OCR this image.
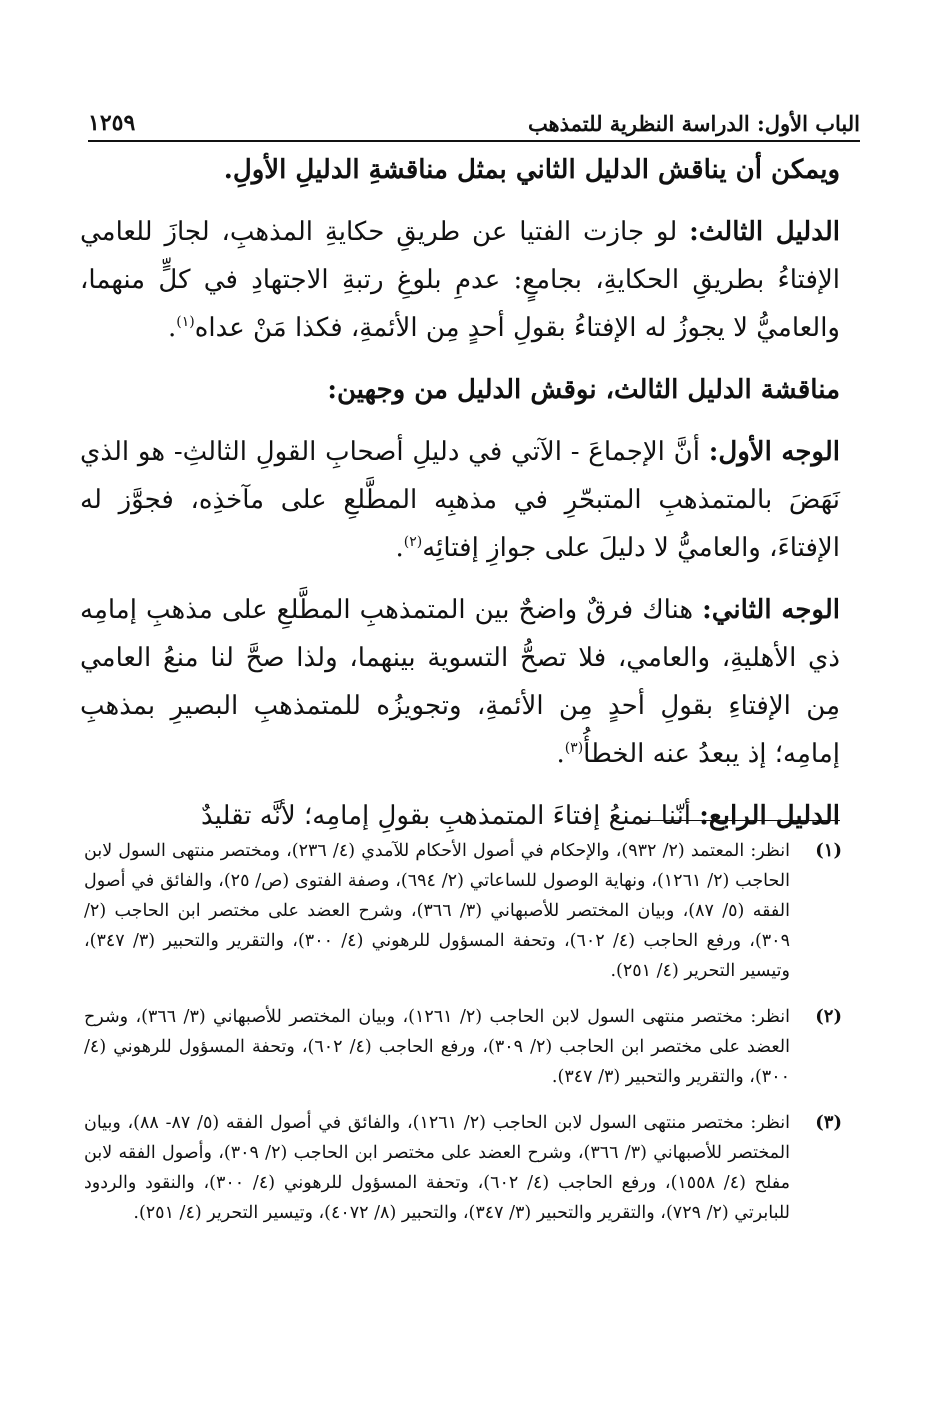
الباب الأول: الدراسة النظرية للتمذهب
١٢٥٩

ويمكن أن يناقش الدليل الثاني بمثل مناقشةِ الدليلِ الأولِ.

الدليل الثالث: لو جازت الفتيا عن طريقِ حكايةِ المذهبِ، لجازَ للعامي الإفتاءُ بطريقِ الحكايةِ، بجامعٍ: عدمِ بلوغِ رتبةِ الاجتهادِ في كلٍّ منهما، والعاميُّ لا يجوزُ له الإفتاءُ بقولِ أحدٍ مِن الأئمةِ، فكذا مَنْ عداه$^{(١)}$.

مناقشة الدليل الثالث، نوقش الدليل من وجهين:

الوجه الأول: أنَّ الإجماعَ - الآتي في دليلِ أصحابِ القولِ الثالثِ- هو الذي نَهَضَ بالمتمذهبِ المتبحّرِ في مذهبِه المطَّلعِ على مآخذِه، فجوَّز له الإفتاءَ، والعاميُّ لا دليلَ على جوازِ إفتائِه$^{(٢)}$.

الوجه الثاني: هناك فرقٌ واضحٌ بين المتمذهبِ المطَّلعِ على مذهبِ إمامِه ذي الأهليةِ، والعامي، فلا تصحُّ التسوية بينهما، ولذا صحَّ لنا منعُ العامي مِن الإفتاءِ بقولِ أحدٍ مِن الأئمةِ، وتجويزُه للمتمذهبِ البصيرِ بمذهبِ إمامِه؛ إذ يبعدُ عنه الخطأُ$^{(٣)}$.

الدليل الرابع: أنّنا نمنعُ إفتاءَ المتمذهبِ بقولِ إمامِه؛ لأنَّه تقليدٌ

(١)
انظر: المعتمد (٢/ ٩٣٢)، والإحكام في أصول الأحكام للآمدي (٤/ ٢٣٦)، ومختصر منتهى السول لابن الحاجب (٢/ ١٢٦١)، ونهاية الوصول للساعاتي (٢/ ٦٩٤)، وصفة الفتوى (ص/ ٢٥)، والفائق في أصول الفقه (٥/ ٨٧)، وبيان المختصر للأصبهاني (٣/ ٣٦٦)، وشرح العضد على مختصر ابن الحاجب (٢/ ٣٠٩)، ورفع الحاجب (٤/ ٦٠٢)، وتحفة المسؤول للرهوني (٤/ ٣٠٠)، والتقرير والتحبير (٣/ ٣٤٧)، وتيسير التحرير (٤/ ٢٥١).
(٢)
انظر: مختصر منتهى السول لابن الحاجب (٢/ ١٢٦١)، وبيان المختصر للأصبهاني (٣/ ٣٦٦)، وشرح العضد على مختصر ابن الحاجب (٢/ ٣٠٩)، ورفع الحاجب (٤/ ٦٠٢)، وتحفة المسؤول للرهوني (٤/ ٣٠٠)، والتقرير والتحبير (٣/ ٣٤٧).
(٣)
انظر: مختصر منتهى السول لابن الحاجب (٢/ ١٢٦١)، والفائق في أصول الفقه (٥/ ٨٧- ٨٨)، وبيان المختصر للأصبهاني (٣/ ٣٦٦)، وشرح العضد على مختصر ابن الحاجب (٢/ ٣٠٩)، وأصول الفقه لابن مفلح (٤/ ١٥٥٨)، ورفع الحاجب (٤/ ٦٠٢)، وتحفة المسؤول للرهوني (٤/ ٣٠٠)، والنقود والردود للبابرتي (٢/ ٧٢٩)، والتقرير والتحبير (٣/ ٣٤٧)، والتحبير (٨/ ٤٠٧٢)، وتيسير التحرير (٤/ ٢٥١).
